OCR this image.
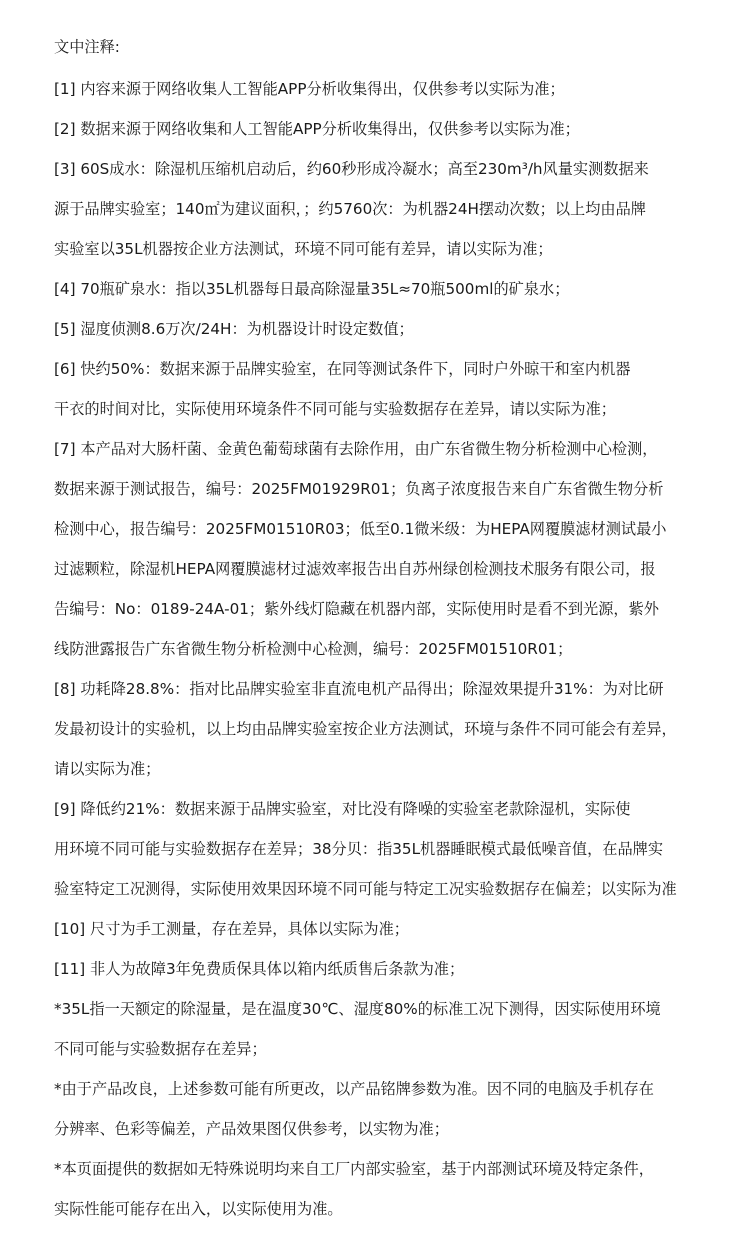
文中注释:
[1] 内容来源于网络收集人工智能APP分析收集得出，仅供参考以实际为准；
[2] 数据来源于网络收集和人工智能APP分析收集得出，仅供参考以实际为准；
[3] 60S成水：除湿机压缩机启动后，约60秒形成冷凝水；高至230m³/h风量实测数据来
源于品牌实验室；140㎡为建议面积，；约5760次：为机器24H摆动次数；以上均由品牌
实验室以35L机器按企业方法测试，环境不同可能有差异，请以实际为准；
[4] 70瓶矿泉水：指以35L机器每日最高除湿量35L≈70瓶500ml的矿泉水；
[5] 湿度侦测8.6万次/24H：为机器设计时设定数值；
[6] 快约50%：数据来源于品牌实验室，在同等测试条件下，同时户外晾干和室内机器
干衣的时间对比，实际使用环境条件不同可能与实验数据存在差异，请以实际为准；
[7] 本产品对大肠杆菌、金黄色葡萄球菌有去除作用，由广东省微生物分析检测中心检测，
数据来源于测试报告，编号：2025FM01929R01；负离子浓度报告来自广东省微生物分析
检测中心，报告编号：2025FM01510R03；低至0.1微米级：为HEPA网覆膜滤材测试最小
过滤颗粒，除湿机HEPA网覆膜滤材过滤效率报告出自苏州绿创检测技术服务有限公司，报
告编号：No：0189-24A-01；紫外线灯隐藏在机器内部，实际使用时是看不到光源，紫外
线防泄露报告广东省微生物分析检测中心检测，编号：2025FM01510R01；
[8] 功耗降28.8%：指对比品牌实验室非直流电机产品得出；除湿效果提升31%：为对比研
发最初设计的实验机，以上均由品牌实验室按企业方法测试，环境与条件不同可能会有差异，
请以实际为准；
[9] 降低约21%：数据来源于品牌实验室，对比没有降噪的实验室老款除湿机，实际使
用环境不同可能与实验数据存在差异；38分贝：指35L机器睡眠模式最低噪音值，在品牌实
验室特定工况测得，实际使用效果因环境不同可能与特定工况实验数据存在偏差；以实际为准
[10] 尺寸为手工测量，存在差异，具体以实际为准；
[11] 非人为故障3年免费质保具体以箱内纸质售后条款为准；
*35L指一天额定的除湿量，是在温度30℃、湿度80%的标准工况下测得，因实际使用环境
不同可能与实验数据存在差异；
*由于产品改良，上述参数可能有所更改，以产品铭牌参数为准。因不同的电脑及手机存在
分辨率、色彩等偏差，产品效果图仅供参考，以实物为准；
*本页面提供的数据如无特殊说明均来自工厂内部实验室，基于内部测试环境及特定条件，
实际性能可能存在出入，以实际使用为准。
